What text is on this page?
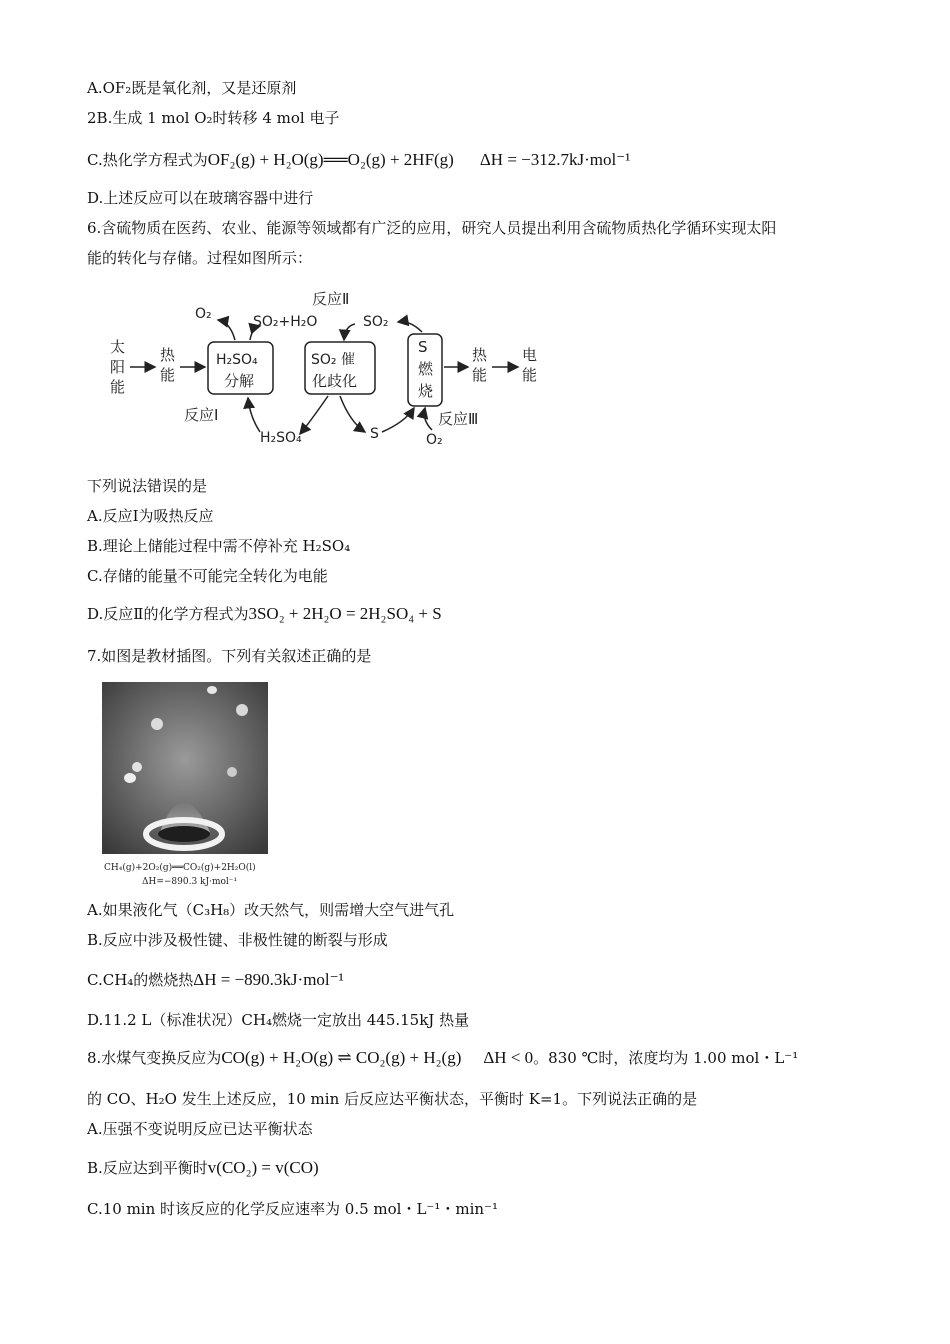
A.OF₂既是氧化剂，又是还原剂
2B.生成 1 mol O₂时转移 4 mol 电子
C.热化学方程式为OF₂(g) + H₂O(g)══O₂(g) + 2HF(g) ΔH = −312.7kJ·mol⁻¹
D.上述反应可以在玻璃容器中进行
6.含硫物质在医药、农业、能源等领域都有广泛的应用，研究人员提出利用含硫物质热化学循环实现太阳
能的转化与存储。过程如图所示：
太
阳
能
热
能
H₂SO₄
分解
SO₂ 催
化歧化
S
燃
烧
热
能
电
能
O₂	SO₂+H₂O	SO₂
反应Ⅱ
反应Ⅰ
H₂SO₄	S
反应Ⅲ
O₂
下列说法错误的是
A.反应Ⅰ为吸热反应
B.理论上储能过程中需不停补充 H₂SO₄
C.存储的能量不可能完全转化为电能
D.反应Ⅱ的化学方程式为3SO₂ + 2H₂O = 2H₂SO₄ + S
7.如图是教材插图。下列有关叙述正确的是
CH₄(g)+2O₂(g)══CO₂(g)+2H₂O(l)
ΔH=−890.3 kJ·mol⁻¹
A.如果液化气（C₃H₈）改天然气，则需增大空气进气孔
B.反应中涉及极性键、非极性键的断裂与形成
C.CH₄的燃烧热ΔH = −890.3kJ·mol⁻¹
D.11.2 L（标准状况）CH₄燃烧一定放出 445.15kJ 热量
8.水煤气变换反应为CO(g) + H₂O(g) ⇌ CO₂(g) + H₂(g) ΔH < 0。830 ℃时，浓度均为 1.00 mol・L⁻¹
的 CO、H₂O 发生上述反应，10 min 后反应达平衡状态，平衡时 K=1。下列说法正确的是
A.压强不变说明反应已达平衡状态
B.反应达到平衡时v(CO₂) = v(CO)
C.10 min 时该反应的化学反应速率为 0.5 mol・L⁻¹・min⁻¹
